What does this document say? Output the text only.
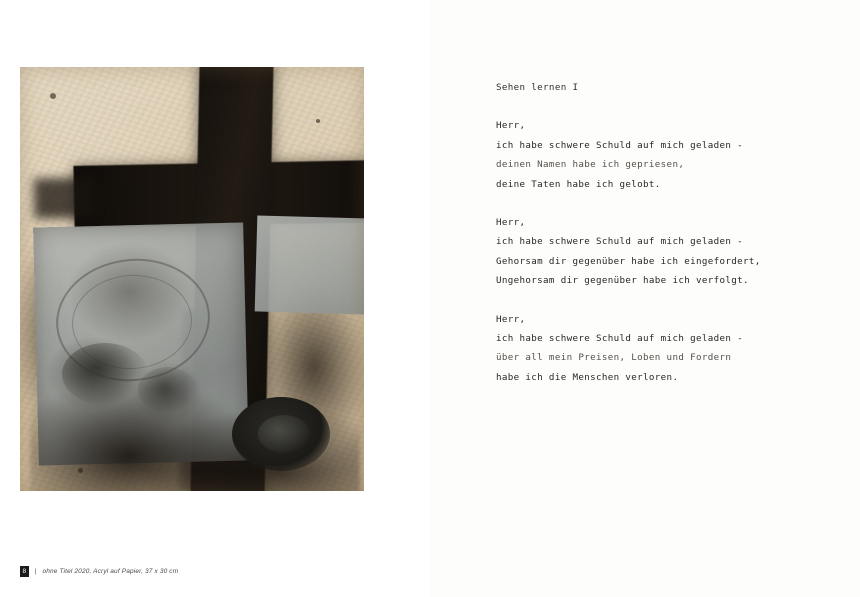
8	| ohne Titel 2020, Acryl auf Papier, 37 x 30 cm
Sehen lernen I

Herr,

ich habe schwere Schuld auf mich geladen -

deinen Namen habe ich gepriesen,

deine Taten habe ich gelobt.

Herr,

ich habe schwere Schuld auf mich geladen -

Gehorsam dir gegenüber habe ich eingefordert,

Ungehorsam dir gegenüber habe ich verfolgt.

Herr,

ich habe schwere Schuld auf mich geladen -

über all mein Preisen, Loben und Fordern

habe ich die Menschen verloren.
